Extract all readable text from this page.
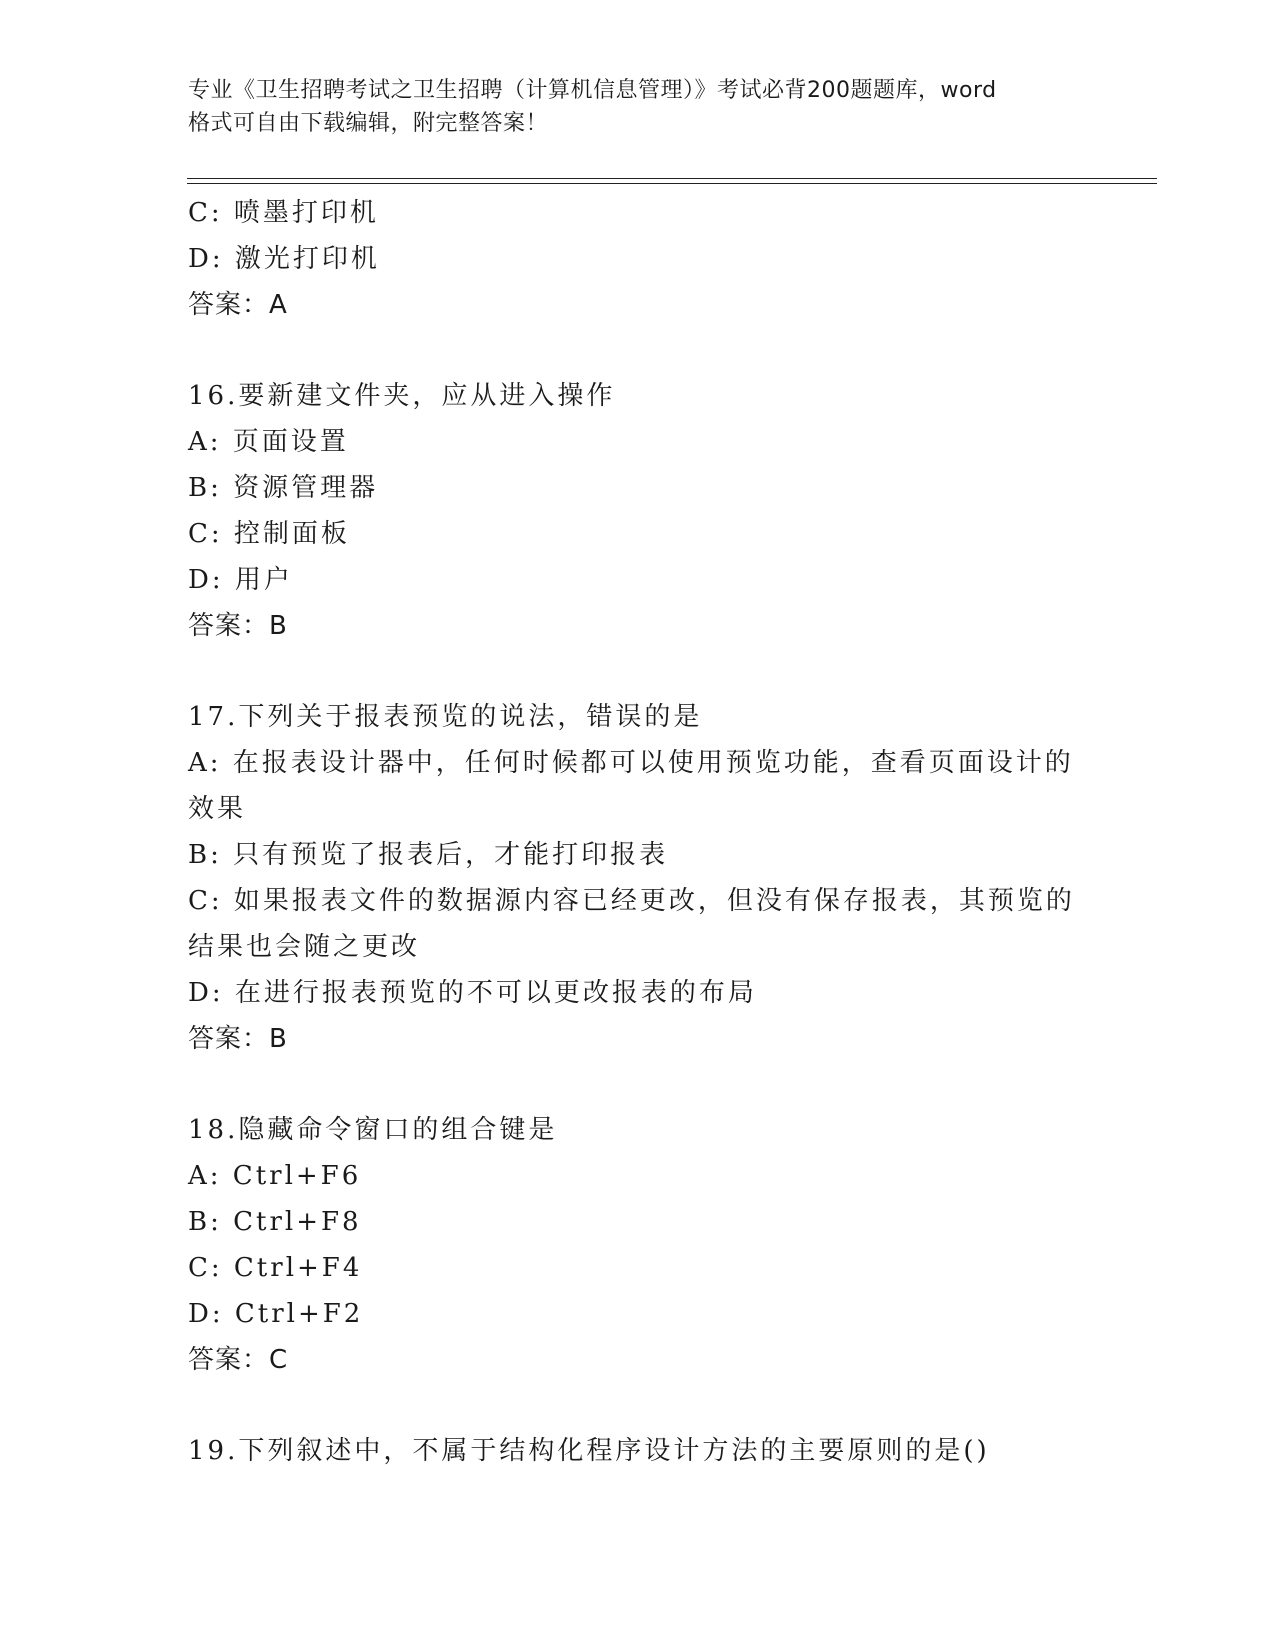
专业《卫生招聘考试之卫生招聘（计算机信息管理）》考试必背200题题库，word
格式可自由下载编辑，附完整答案！
C: 喷墨打印机
D: 激光打印机
答案：A
16.要新建文件夹，应从进入操作
A: 页面设置
B: 资源管理器
C: 控制面板
D: 用户
答案：B
17.下列关于报表预览的说法，错误的是
A: 在报表设计器中，任何时候都可以使用预览功能，查看页面设计的
效果
B: 只有预览了报表后，才能打印报表
C: 如果报表文件的数据源内容已经更改，但没有保存报表，其预览的
结果也会随之更改
D: 在进行报表预览的不可以更改报表的布局
答案：B
18.隐藏命令窗口的组合键是
A: Ctrl+F6
B: Ctrl+F8
C: Ctrl+F4
D: Ctrl+F2
答案：C
19.下列叙述中，不属于结构化程序设计方法的主要原则的是()
